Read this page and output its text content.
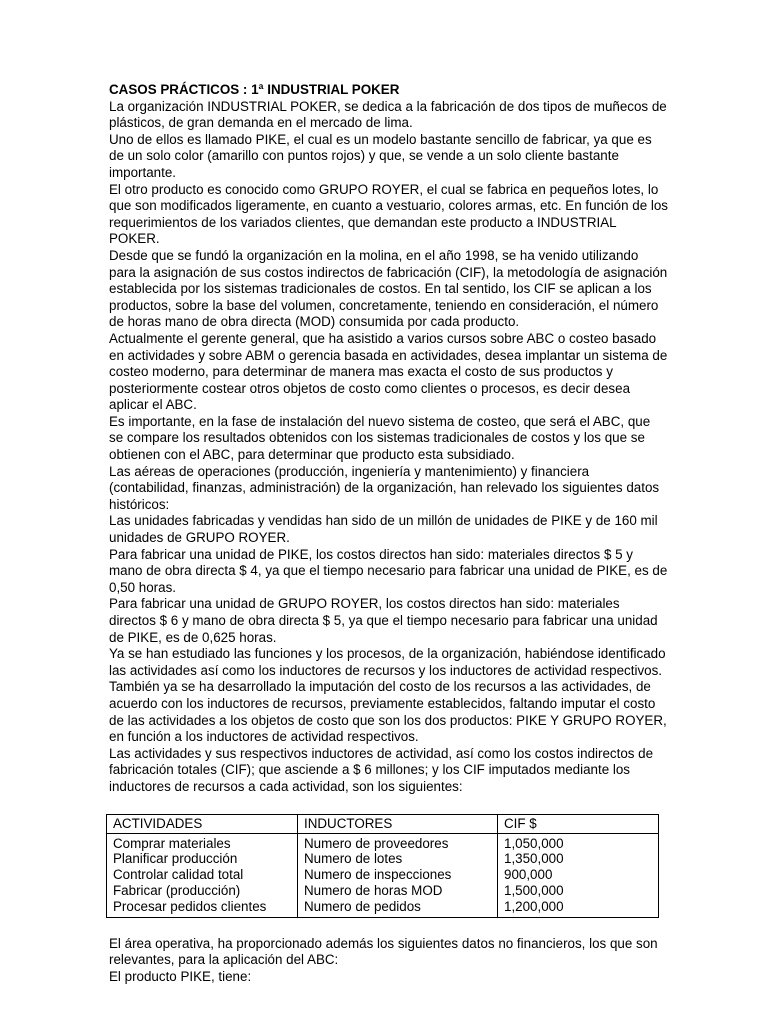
CASOS PRÁCTICOS : 1ª INDUSTRIAL POKER

La organización INDUSTRIAL POKER, se dedica a la fabricación de dos tipos de muñecos de plásticos, de gran demanda en el mercado de lima.

Uno de ellos es llamado PIKE, el cual es un modelo bastante sencillo de fabricar, ya que es de un solo color (amarillo con puntos rojos) y que, se vende a un solo cliente bastante importante.

El otro producto es conocido como GRUPO ROYER, el cual se fabrica en pequeños lotes, lo que son modificados ligeramente, en cuanto a vestuario, colores armas, etc. En función de los requerimientos de los variados clientes, que demandan este producto a INDUSTRIAL POKER.

Desde que se fundó la organización en la molina, en el año 1998, se ha venido utilizando para la asignación de sus costos indirectos de fabricación (CIF), la metodología de asignación establecida por los sistemas tradicionales de costos. En tal sentido, los CIF se aplican a los productos, sobre la base del volumen, concretamente, teniendo en consideración, el número de horas mano de obra directa (MOD) consumida por cada producto.

Actualmente el gerente general, que ha asistido a varios cursos sobre ABC o costeo basado en actividades y sobre ABM o gerencia basada en actividades, desea implantar un sistema de costeo moderno, para determinar de manera mas exacta el costo de sus productos y posteriormente costear otros objetos de costo como clientes o procesos, es decir desea aplicar el ABC.

Es importante, en la fase de instalación del nuevo sistema de costeo, que será el ABC, que se compare los resultados obtenidos con los sistemas tradicionales de costos y los que se obtienen con el ABC, para determinar que producto esta subsidiado.

Las aéreas de operaciones (producción, ingeniería y mantenimiento) y financiera (contabilidad, finanzas, administración) de la organización, han relevado los siguientes datos históricos:

Las unidades fabricadas y vendidas han sido de un millón de unidades de PIKE y de 160 mil unidades de GRUPO ROYER.

Para fabricar una unidad de PIKE, los costos directos han sido: materiales directos $ 5 y mano de obra directa $ 4, ya que el tiempo necesario para fabricar una unidad de PIKE, es de 0,50 horas.

Para fabricar una unidad de GRUPO ROYER, los costos directos han sido: materiales directos $ 6 y mano de obra directa $ 5, ya que el tiempo necesario para fabricar una unidad de PIKE, es de 0,625 horas.

Ya se han estudiado las funciones y los procesos, de la organización, habiéndose identificado las actividades así como los inductores de recursos y los inductores de actividad respectivos.

También ya se ha desarrollado la imputación del costo de los recursos a las actividades, de acuerdo con los inductores de recursos, previamente establecidos, faltando imputar el costo de las actividades a los objetos de costo que son los dos productos: PIKE Y GRUPO ROYER, en función a los inductores de actividad respectivos.

Las actividades y sus respectivos inductores de actividad, así como los costos indirectos de fabricación totales (CIF); que asciende a $ 6 millones; y los CIF imputados mediante los inductores de recursos a cada actividad, son los siguientes:

ACTIVIDADES	INDUCTORES	CIF $
Comprar materiales	Numero de proveedores	1,050,000
Planificar producción	Numero de lotes	1,350,000
Controlar calidad total	Numero de inspecciones	900,000
Fabricar (producción)	Numero de horas MOD	1,500,000
Procesar pedidos clientes	Numero de pedidos	1,200,000

El área operativa, ha proporcionado además los siguientes datos no financieros, los que son relevantes, para la aplicación del ABC:

El producto PIKE, tiene:
